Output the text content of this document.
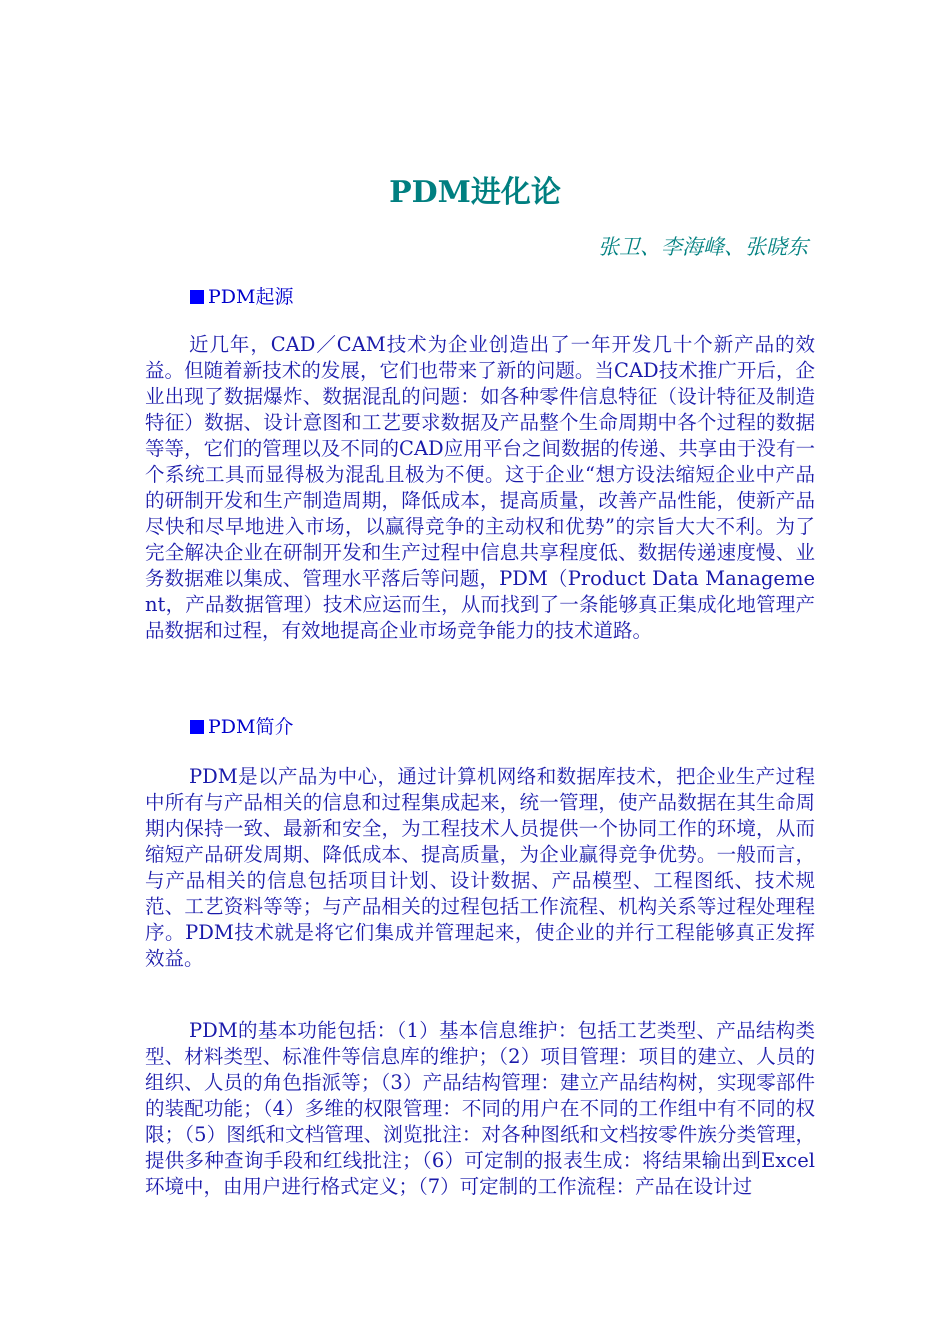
PDM进化论
张卫、李海峰、张晓东
PDM起源

近几年，CAD／CAM技术为企业创造出了一年开发几十个新产品的效益。但随着新技术的发展，它们也带来了新的问题。当CAD技术推广开后，企业出现了数据爆炸、数据混乱的问题：如各种零件信息特征（设计特征及制造特征）数据、设计意图和工艺要求数据及产品整个生命周期中各个过程的数据等等，它们的管理以及不同的CAD应用平台之间数据的传递、共享由于没有一个系统工具而显得极为混乱且极为不便。这于企业“想方设法缩短企业中产品的研制开发和生产制造周期，降低成本，提高质量，改善产品性能，使新产品尽快和尽早地进入市场，以赢得竞争的主动权和优势”的宗旨大大不利。为了完全解决企业在研制开发和生产过程中信息共享程度低、数据传递速度慢、业务数据难以集成、管理水平落后等问题，PDM（Product Data Management，产品数据管理）技术应运而生，从而找到了一条能够真正集成化地管理产品数据和过程，有效地提高企业市场竞争能力的技术道路。

PDM简介

PDM是以产品为中心，通过计算机网络和数据库技术，把企业生产过程中所有与产品相关的信息和过程集成起来，统一管理，使产品数据在其生命周期内保持一致、最新和安全，为工程技术人员提供一个协同工作的环境，从而缩短产品研发周期、降低成本、提高质量，为企业赢得竞争优势。一般而言，与产品相关的信息包括项目计划、设计数据、产品模型、工程图纸、技术规范、工艺资料等等；与产品相关的过程包括工作流程、机构关系等过程处理程序。PDM技术就是将它们集成并管理起来，使企业的并行工程能够真正发挥效益。

PDM的基本功能包括：（1）基本信息维护：包括工艺类型、产品结构类型、材料类型、标准件等信息库的维护；（2）项目管理：项目的建立、人员的组织、人员的角色指派等；（3）产品结构管理：建立产品结构树，实现零部件的装配功能；（4）多维的权限管理：不同的用户在不同的工作组中有不同的权限；（5）图纸和文档管理、浏览批注：对各种图纸和文档按零件族分类管理，提供多种查询手段和红线批注；（6）可定制的报表生成：将结果输出到Excel环境中，由用户进行格式定义；（7）可定制的工作流程：产品在设计过
